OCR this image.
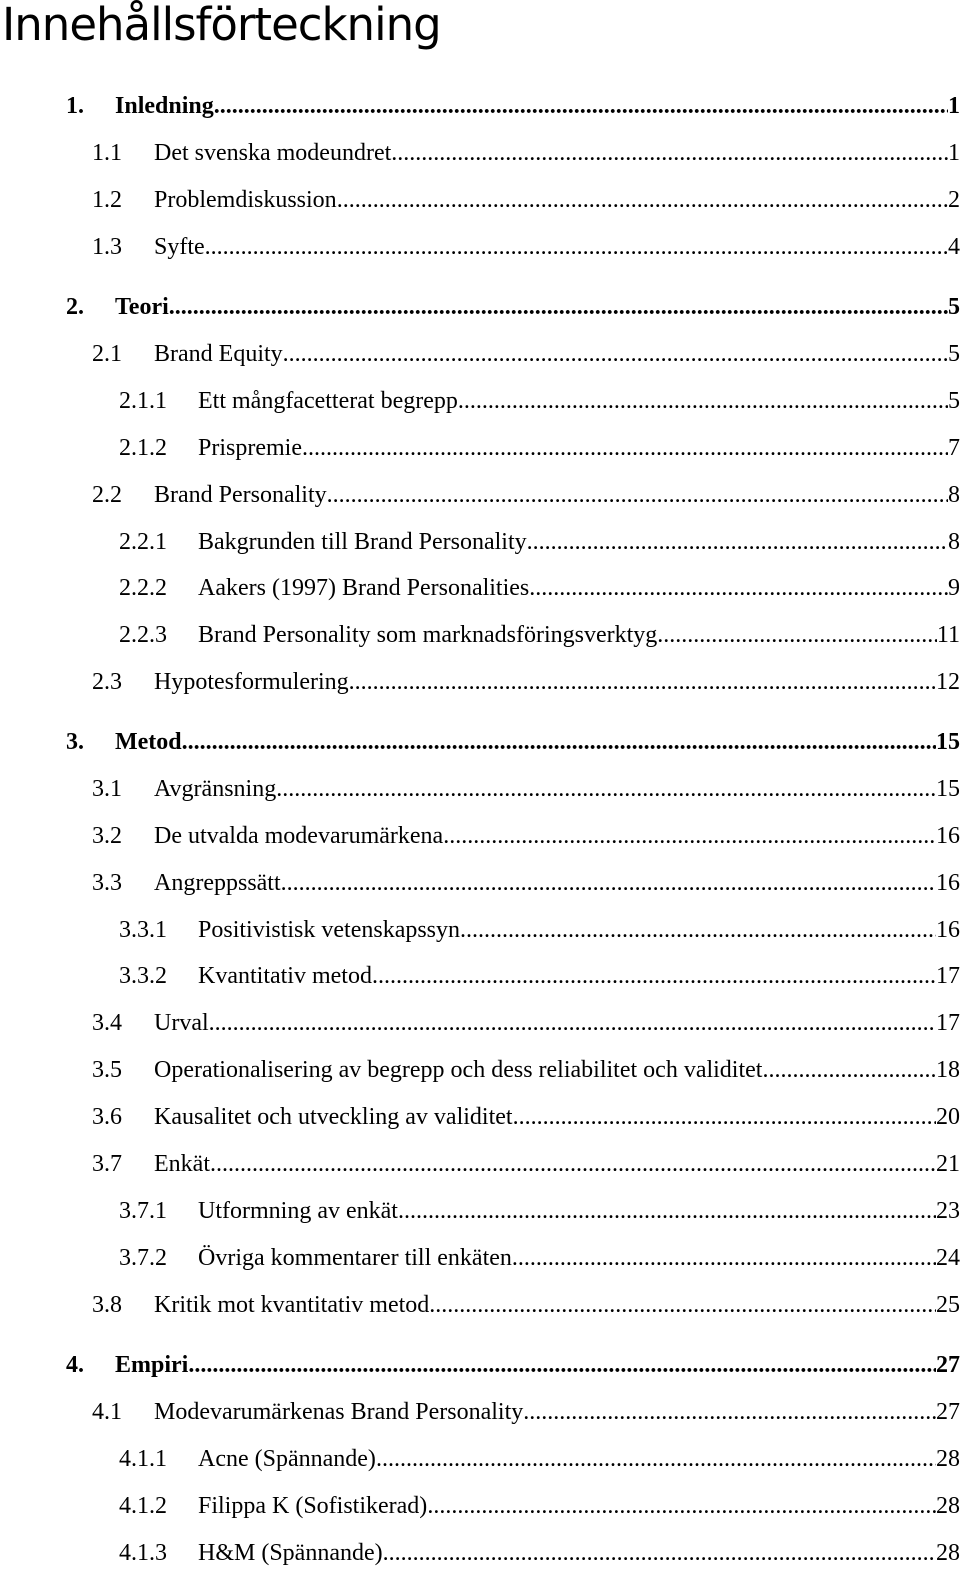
Innehållsförteckning
1.	Inledning .....	1
1.1	Det svenska modeundret .....	1
1.2	Problemdiskussion .....	2
1.3	Syfte .....	4
2.	Teori .....	5
2.1	Brand Equity .....	5
2.1.1	Ett mångfacetterat begrepp .....	5
2.1.2	Prispremie .....	7
2.2	Brand Personality .....	8
2.2.1	Bakgrunden till Brand Personality .....	8
2.2.2	Aakers (1997) Brand Personalities .....	9
2.2.3	Brand Personality som marknadsföringsverktyg .....	11
2.3	Hypotesformulering .....	12
3.	Metod .....	15
3.1	Avgränsning .....	15
3.2	De utvalda modevarumärkena .....	16
3.3	Angreppssätt .....	16
3.3.1	Positivistisk vetenskapssyn .....	16
3.3.2	Kvantitativ metod .....	17
3.4	Urval .....	17
3.5	Operationalisering av begrepp och dess reliabilitet och validitet .....	18
3.6	Kausalitet och utveckling av validitet .....	20
3.7	Enkät .....	21
3.7.1	Utformning av enkät .....	23
3.7.2	Övriga kommentarer till enkäten .....	24
3.8	Kritik mot kvantitativ metod .....	25
4.	Empiri .....	27
4.1	Modevarumärkenas Brand Personality .....	27
4.1.1	Acne (Spännande) .....	28
4.1.2	Filippa K (Sofistikerad) .....	28
4.1.3	H&M (Spännande) .....	28
